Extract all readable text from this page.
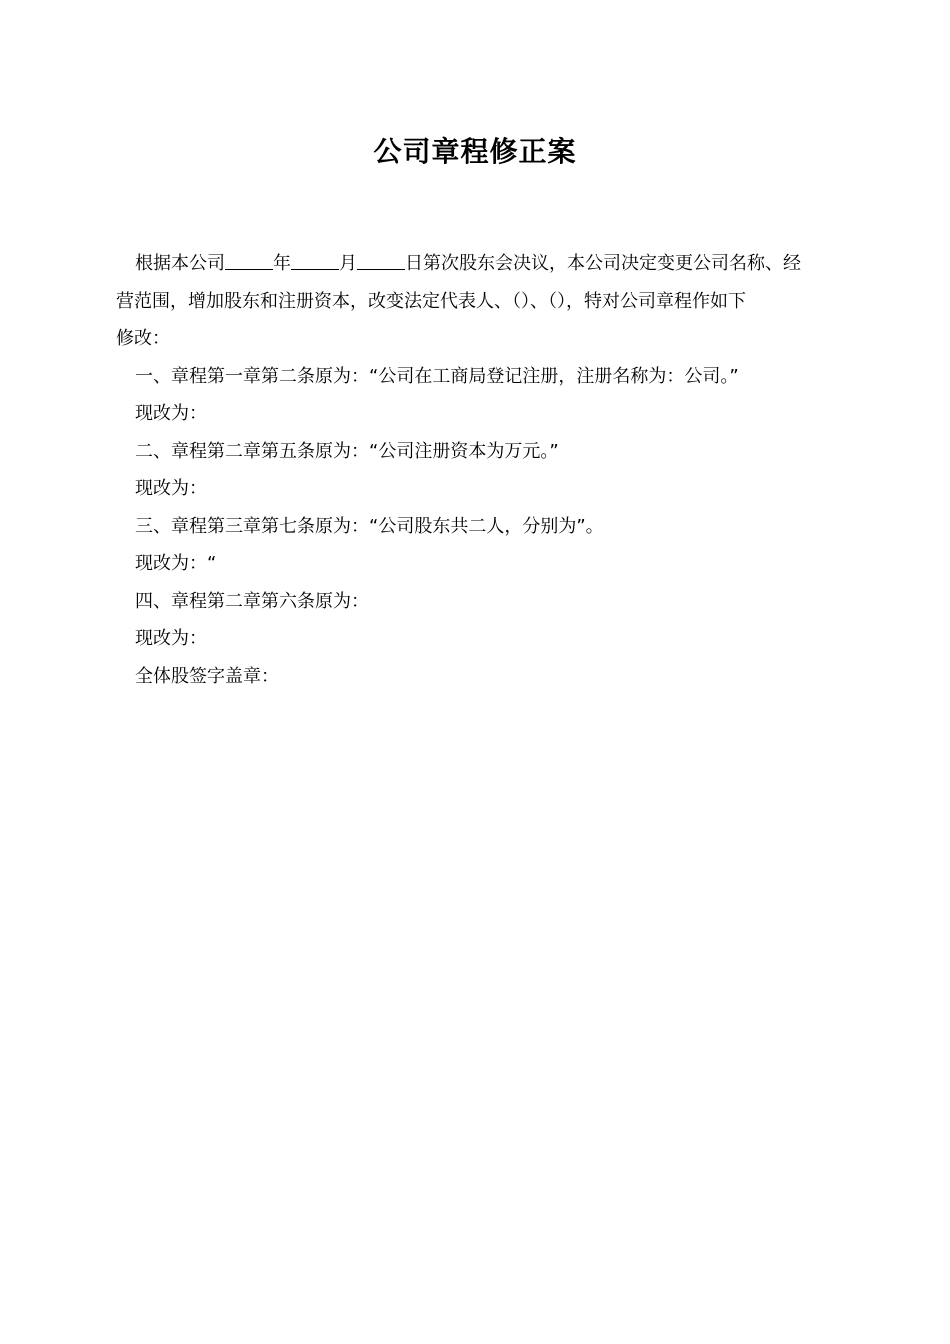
公司章程修正案

根据本公司	年	月	日第次股东会决议，本公司决定变更公司名称、经

营范围，增加股东和注册资本，改变法定代表人、（）、（），特对公司章程作如下

修改：

一、章程第一章第二条原为：“公司在工商局登记注册，注册名称为：公司。”

现改为：

二、章程第二章第五条原为：“公司注册资本为万元。”

现改为：

三、章程第三章第七条原为：“公司股东共二人，分别为”。

现改为：“

四、章程第二章第六条原为：

现改为：

全体股签字盖章：
